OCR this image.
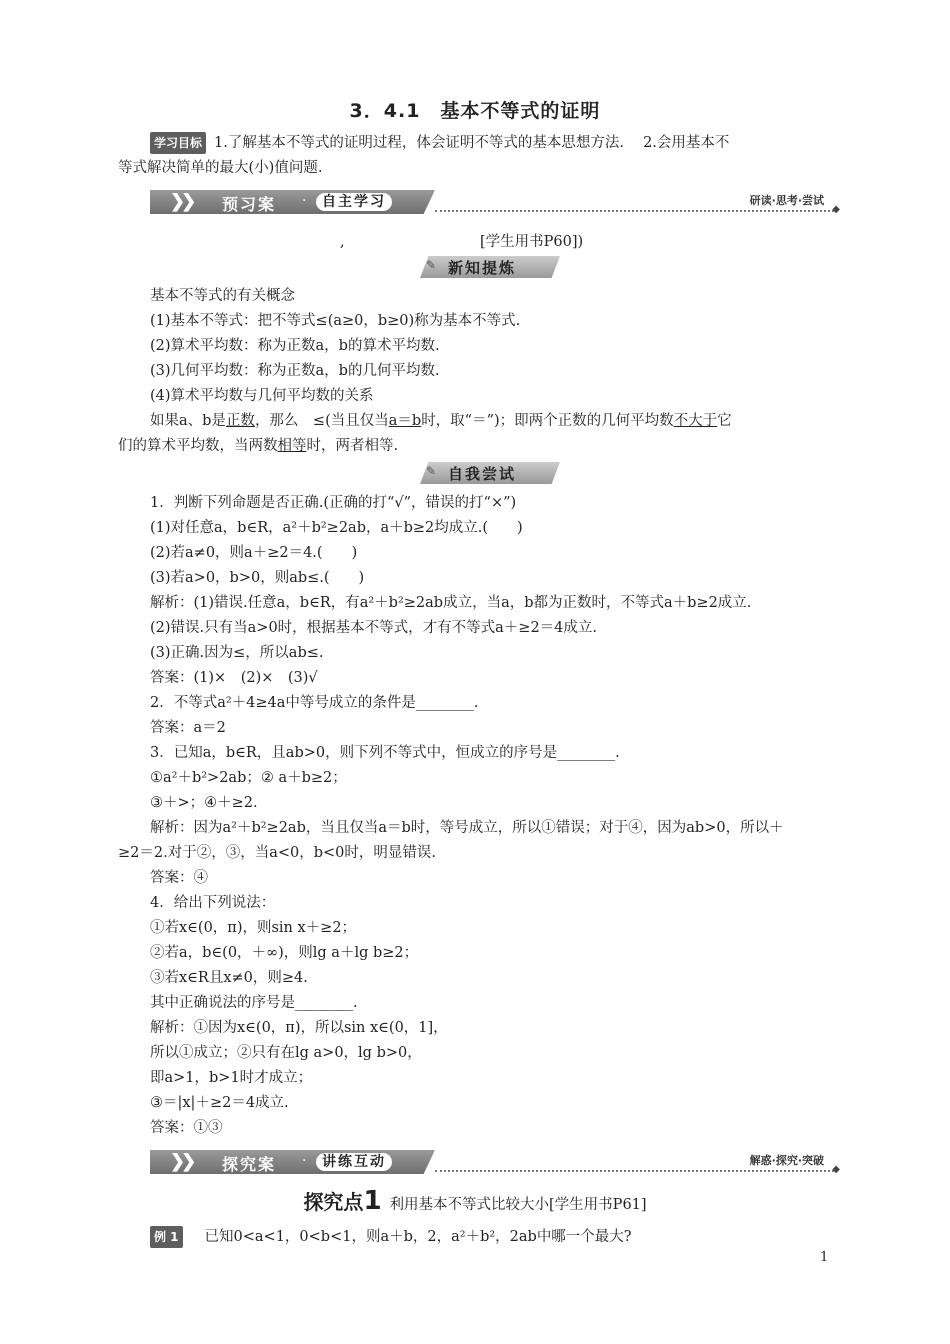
3．4.1　基本不等式的证明
学习目标 1.了解基本不等式的证明过程，体会证明不等式的基本思想方法.　 2.会用基本不
等式解决简单的最大(小)值问题.
❯❯ 预习案 ·	自主学习	研读·思考·尝试
◆
,	[学生用书P60])
✎ 新知提炼
基本不等式的有关概念
(1)基本不等式：把不等式≤(a≥0，b≥0)称为基本不等式.
(2)算术平均数：称为正数a，b的算术平均数.
(3)几何平均数：称为正数a，b的几何平均数.
(4)算术平均数与几何平均数的关系
如果a、b是正数，那么　≤(当且仅当a＝b时，取“＝”)；即两个正数的几何平均数不大于它
们的算术平均数，当两数相等时，两者相等.
✎ 自我尝试
1．判断下列命题是否正确.(正确的打“√”，错误的打“×”)
(1)对任意a，b∈R，a²＋b²≥2ab，a＋b≥2均成立.(　　)
(2)若a≠0，则a＋≥2＝4.(　　)
(3)若a>0，b>0，则ab≤.(　　)
解析：(1)错误.任意a，b∈R，有a²＋b²≥2ab成立，当a，b都为正数时，不等式a＋b≥2成立.
(2)错误.只有当a>0时，根据基本不等式，才有不等式a＋≥2＝4成立.
(3)正确.因为≤，所以ab≤.
答案：(1)×　(2)×　(3)√
2．不等式a²＋4≥4a中等号成立的条件是________.
答案：a＝2
3．已知a，b∈R，且ab>0，则下列不等式中，恒成立的序号是________.
①a²＋b²>2ab；② a＋b≥2；
③＋>；④＋≥2.
解析：因为a²＋b²≥2ab，当且仅当a＝b时，等号成立，所以①错误；对于④，因为ab>0，所以＋
≥2＝2.对于②，③，当a<0，b<0时，明显错误.
答案：④
4．给出下列说法：
①若x∈(0，π)，则sin x＋≥2；
②若a，b∈(0，＋∞)，则lg a＋lg b≥2；
③若x∈R且x≠0，则≥4.
其中正确说法的序号是________.
解析：①因为x∈(0，π)，所以sin x∈(0，1]，
所以①成立；②只有在lg a>0，lg b>0，
即a>1，b>1时才成立；
③＝|x|＋≥2＝4成立.
答案：①③
❯❯ 探究案 ·	讲练互动	解惑·探究·突破
◆
探究点1 利用基本不等式比较大小[学生用书P61]
例 1 已知0<a<1，0<b<1，则a＋b，2，a²＋b²，2ab中哪一个最大?
1
